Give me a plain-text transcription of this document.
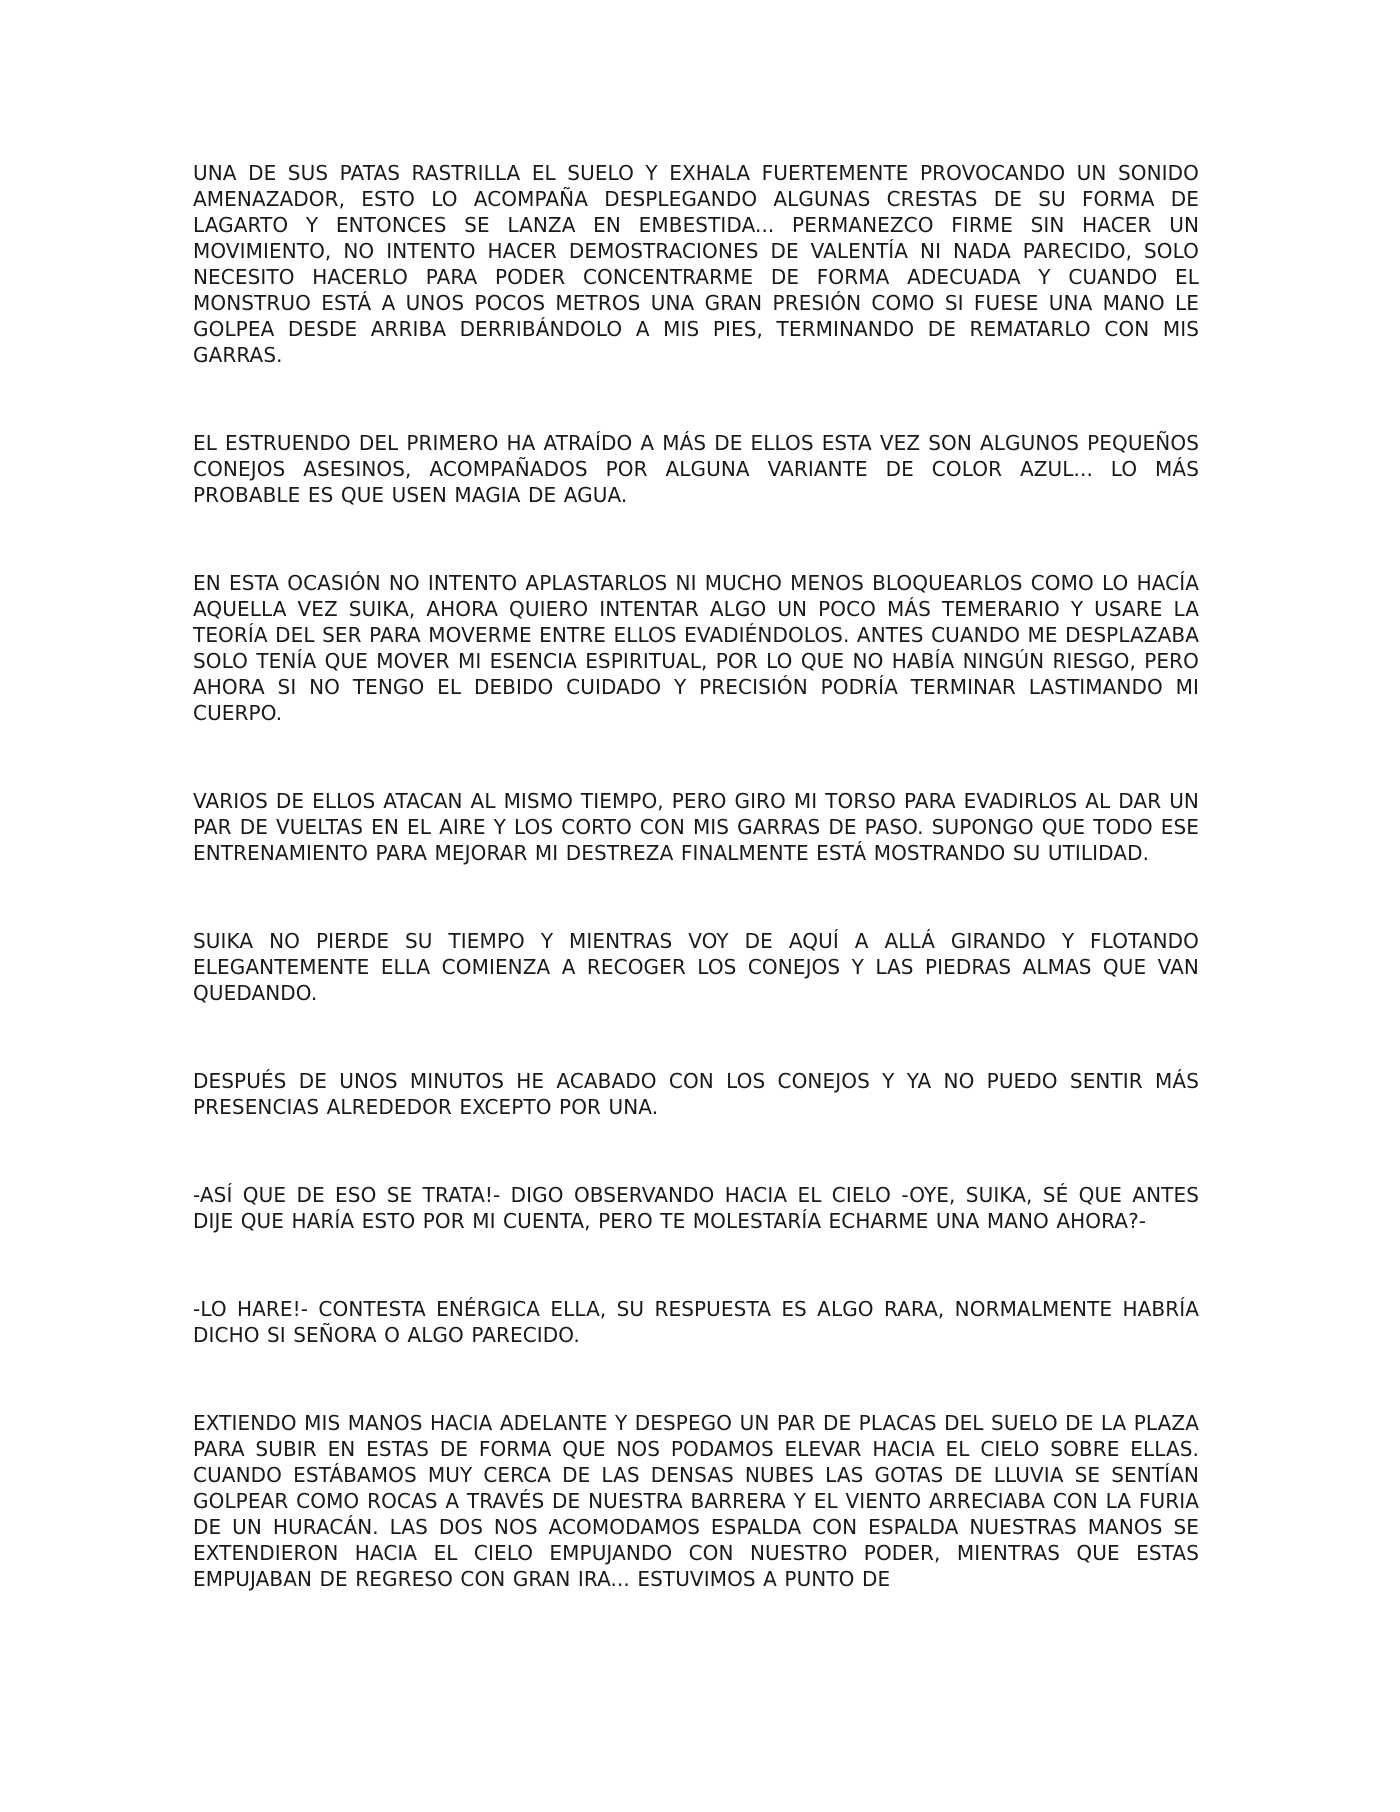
UNA DE SUS PATAS RASTRILLA EL SUELO Y EXHALA FUERTEMENTE PROVOCANDO UN SONIDO AMENAZADOR, ESTO LO ACOMPAÑA DESPLEGANDO ALGUNAS CRESTAS DE SU FORMA DE LAGARTO Y ENTONCES SE LANZA EN EMBESTIDA... PERMANEZCO FIRME SIN HACER UN MOVIMIENTO, NO INTENTO HACER DEMOSTRACIONES DE VALENTÍA NI NADA PARECIDO, SOLO NECESITO HACERLO PARA PODER CONCENTRARME DE FORMA ADECUADA Y CUANDO EL MONSTRUO ESTÁ A UNOS POCOS METROS UNA GRAN PRESIÓN COMO SI FUESE UNA MANO LE GOLPEA DESDE ARRIBA DERRIBÁNDOLO A MIS PIES, TERMINANDO DE REMATARLO CON MIS GARRAS.

EL ESTRUENDO DEL PRIMERO HA ATRAÍDO A MÁS DE ELLOS ESTA VEZ SON ALGUNOS PEQUEÑOS CONEJOS ASESINOS, ACOMPAÑADOS POR ALGUNA VARIANTE DE COLOR AZUL... LO MÁS PROBABLE ES QUE USEN MAGIA DE AGUA.

EN ESTA OCASIÓN NO INTENTO APLASTARLOS NI MUCHO MENOS BLOQUEARLOS COMO LO HACÍA AQUELLA VEZ SUIKA, AHORA QUIERO INTENTAR ALGO UN POCO MÁS TEMERARIO Y USARE LA TEORÍA DEL SER PARA MOVERME ENTRE ELLOS EVADIÉNDOLOS. ANTES CUANDO ME DESPLAZABA SOLO TENÍA QUE MOVER MI ESENCIA ESPIRITUAL, POR LO QUE NO HABÍA NINGÚN RIESGO, PERO AHORA SI NO TENGO EL DEBIDO CUIDADO Y PRECISIÓN PODRÍA TERMINAR LASTIMANDO MI CUERPO.

VARIOS DE ELLOS ATACAN AL MISMO TIEMPO, PERO GIRO MI TORSO PARA EVADIRLOS AL DAR UN PAR DE VUELTAS EN EL AIRE Y LOS CORTO CON MIS GARRAS DE PASO. SUPONGO QUE TODO ESE ENTRENAMIENTO PARA MEJORAR MI DESTREZA FINALMENTE ESTÁ MOSTRANDO SU UTILIDAD.

SUIKA NO PIERDE SU TIEMPO Y MIENTRAS VOY DE AQUÍ A ALLÁ GIRANDO Y FLOTANDO ELEGANTEMENTE ELLA COMIENZA A RECOGER LOS CONEJOS Y LAS PIEDRAS ALMAS QUE VAN QUEDANDO.

DESPUÉS DE UNOS MINUTOS HE ACABADO CON LOS CONEJOS Y YA NO PUEDO SENTIR MÁS PRESENCIAS ALREDEDOR EXCEPTO POR UNA.

-ASÍ QUE DE ESO SE TRATA!- DIGO OBSERVANDO HACIA EL CIELO -OYE, SUIKA, SÉ QUE ANTES DIJE QUE HARÍA ESTO POR MI CUENTA, PERO TE MOLESTARÍA ECHARME UNA MANO AHORA?-

-LO HARE!- CONTESTA ENÉRGICA ELLA, SU RESPUESTA ES ALGO RARA, NORMALMENTE HABRÍA DICHO SI SEÑORA O ALGO PARECIDO.

EXTIENDO MIS MANOS HACIA ADELANTE Y DESPEGO UN PAR DE PLACAS DEL SUELO DE LA PLAZA PARA SUBIR EN ESTAS DE FORMA QUE NOS PODAMOS ELEVAR HACIA EL CIELO SOBRE ELLAS. CUANDO ESTÁBAMOS MUY CERCA DE LAS DENSAS NUBES LAS GOTAS DE LLUVIA SE SENTÍAN GOLPEAR COMO ROCAS A TRAVÉS DE NUESTRA BARRERA Y EL VIENTO ARRECIABA CON LA FURIA DE UN HURACÁN. LAS DOS NOS ACOMODAMOS ESPALDA CON ESPALDA NUESTRAS MANOS SE EXTENDIERON HACIA EL CIELO EMPUJANDO CON NUESTRO PODER, MIENTRAS QUE ESTAS EMPUJABAN DE REGRESO CON GRAN IRA... ESTUVIMOS A PUNTO DE
